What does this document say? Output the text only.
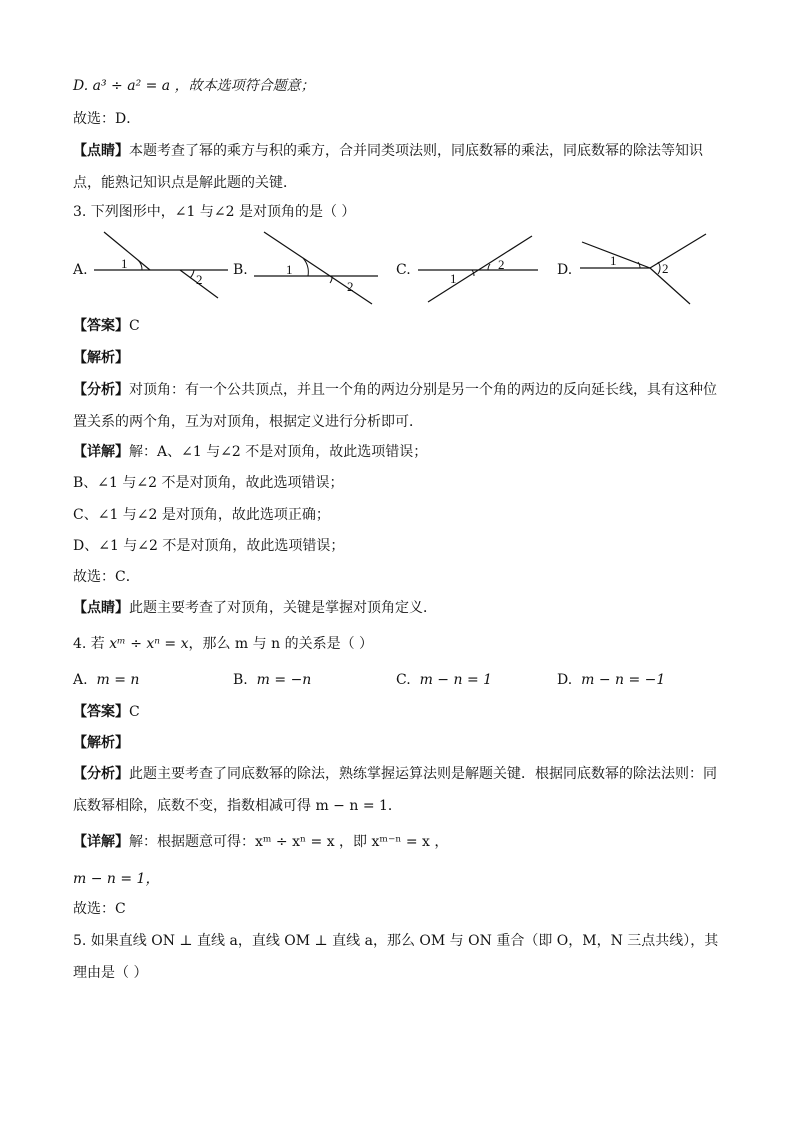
D. a³ ÷ a² = a ，故本选项符合题意；
故选：D．
【点睛】本题考查了幂的乘方与积的乘方，合并同类项法则，同底数幂的乘法，同底数幂的除法等知识点，能熟记知识点是解此题的关键．
3. 下列图形中，∠1 与∠2 是对顶角的是（ ）
A.	1
2
B.	1
2
C.
1
2	D.
1
2
【答案】C
【解析】
【分析】对顶角：有一个公共顶点，并且一个角的两边分别是另一个角的两边的反向延长线，具有这种位置关系的两个角，互为对顶角，根据定义进行分析即可．
【详解】解：A、∠1 与∠2 不是对顶角，故此选项错误；
B、∠1 与∠2 不是对顶角，故此选项错误；
C、∠1 与∠2 是对顶角，故此选项正确；
D、∠1 与∠2 不是对顶角，故此选项错误；
故选：C．
【点睛】此题主要考查了对顶角，关键是掌握对顶角定义．
4. 若 xᵐ ÷ xⁿ = x，那么 m 与 n 的关系是（ ）
A. m = n	B. m = −n	C. m − n = 1	D. m − n = −1
【答案】C
【解析】
【分析】此题主要考查了同底数幂的除法，熟练掌握运算法则是解题关键．根据同底数幂的除法法则：同底数幂相除，底数不变，指数相减可得 m − n = 1．
【详解】解：根据题意可得：xᵐ ÷ xⁿ = x ，即 xᵐ⁻ⁿ = x ，
m − n = 1，
故选：C
5. 如果直线 ON ⊥ 直线 a，直线 OM ⊥ 直线 a，那么 OM 与 ON 重合（即 O，M，N 三点共线），其理由是（ ）
